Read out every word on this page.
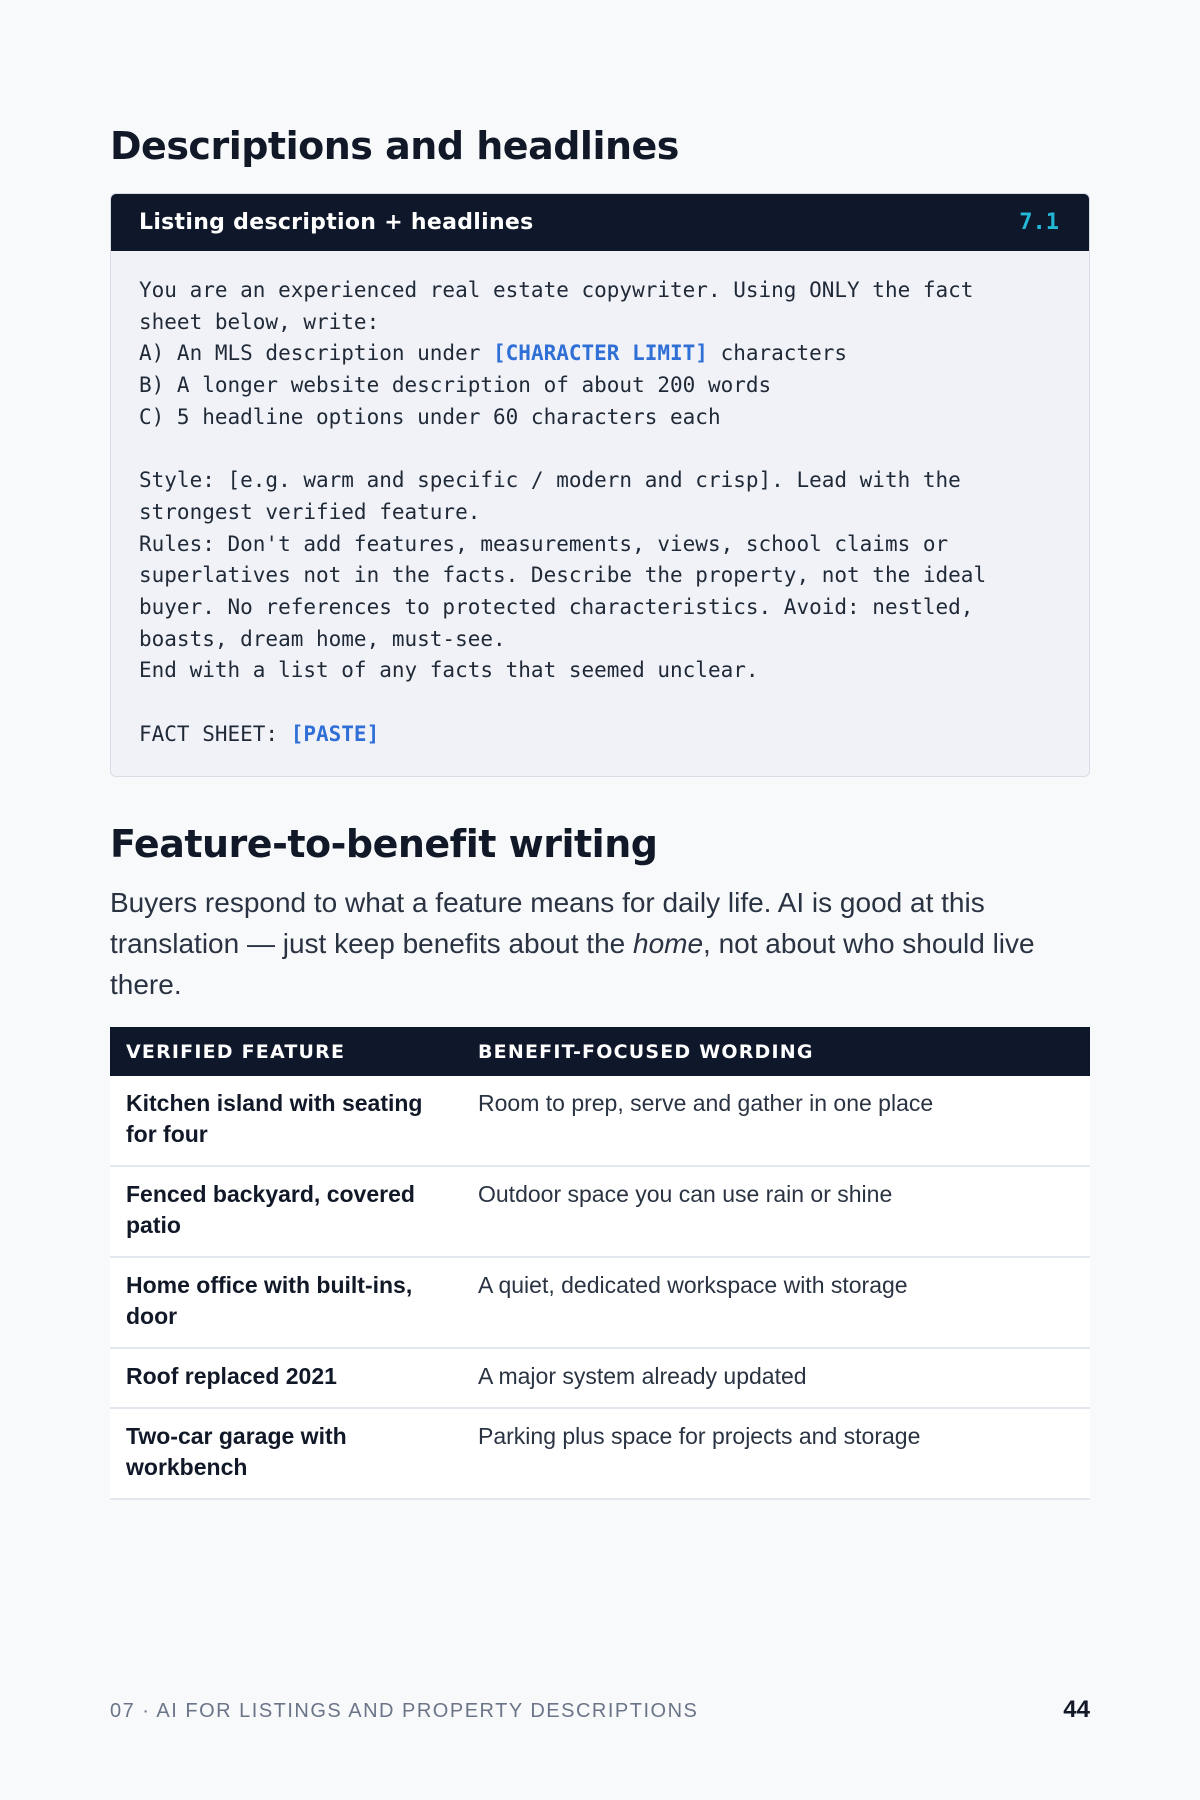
Descriptions and headlines
Listing description + headlines	7.1
You are an experienced real estate copywriter. Using ONLY the fact
sheet below, write:
A) An MLS description under [CHARACTER LIMIT] characters
B) A longer website description of about 200 words
C) 5 headline options under 60 characters each
Style: [e.g. warm and specific / modern and crisp]. Lead with the
strongest verified feature.
Rules: Don't add features, measurements, views, school claims or
superlatives not in the facts. Describe the property, not the ideal
buyer. No references to protected characteristics. Avoid: nestled,
boasts, dream home, must-see.
End with a list of any facts that seemed unclear.
FACT SHEET: [PASTE]
Feature-to-benefit writing
Buyers respond to what a feature means for daily life. AI is good at this
translation — just keep benefits about the home, not about who should live
there.
VERIFIED FEATURE	BENEFIT-FOCUSED WORDING

Kitchen island with seating
for four	Room to prep, serve and gather in one place

Fenced backyard, covered
patio	Outdoor space you can use rain or shine

Home office with built-ins,
door	A quiet, dedicated workspace with storage

Roof replaced 2021	A major system already updated

Two-car garage with
workbench	Parking plus space for projects and storage
07 · AI FOR LISTINGS AND PROPERTY DESCRIPTIONS	44
